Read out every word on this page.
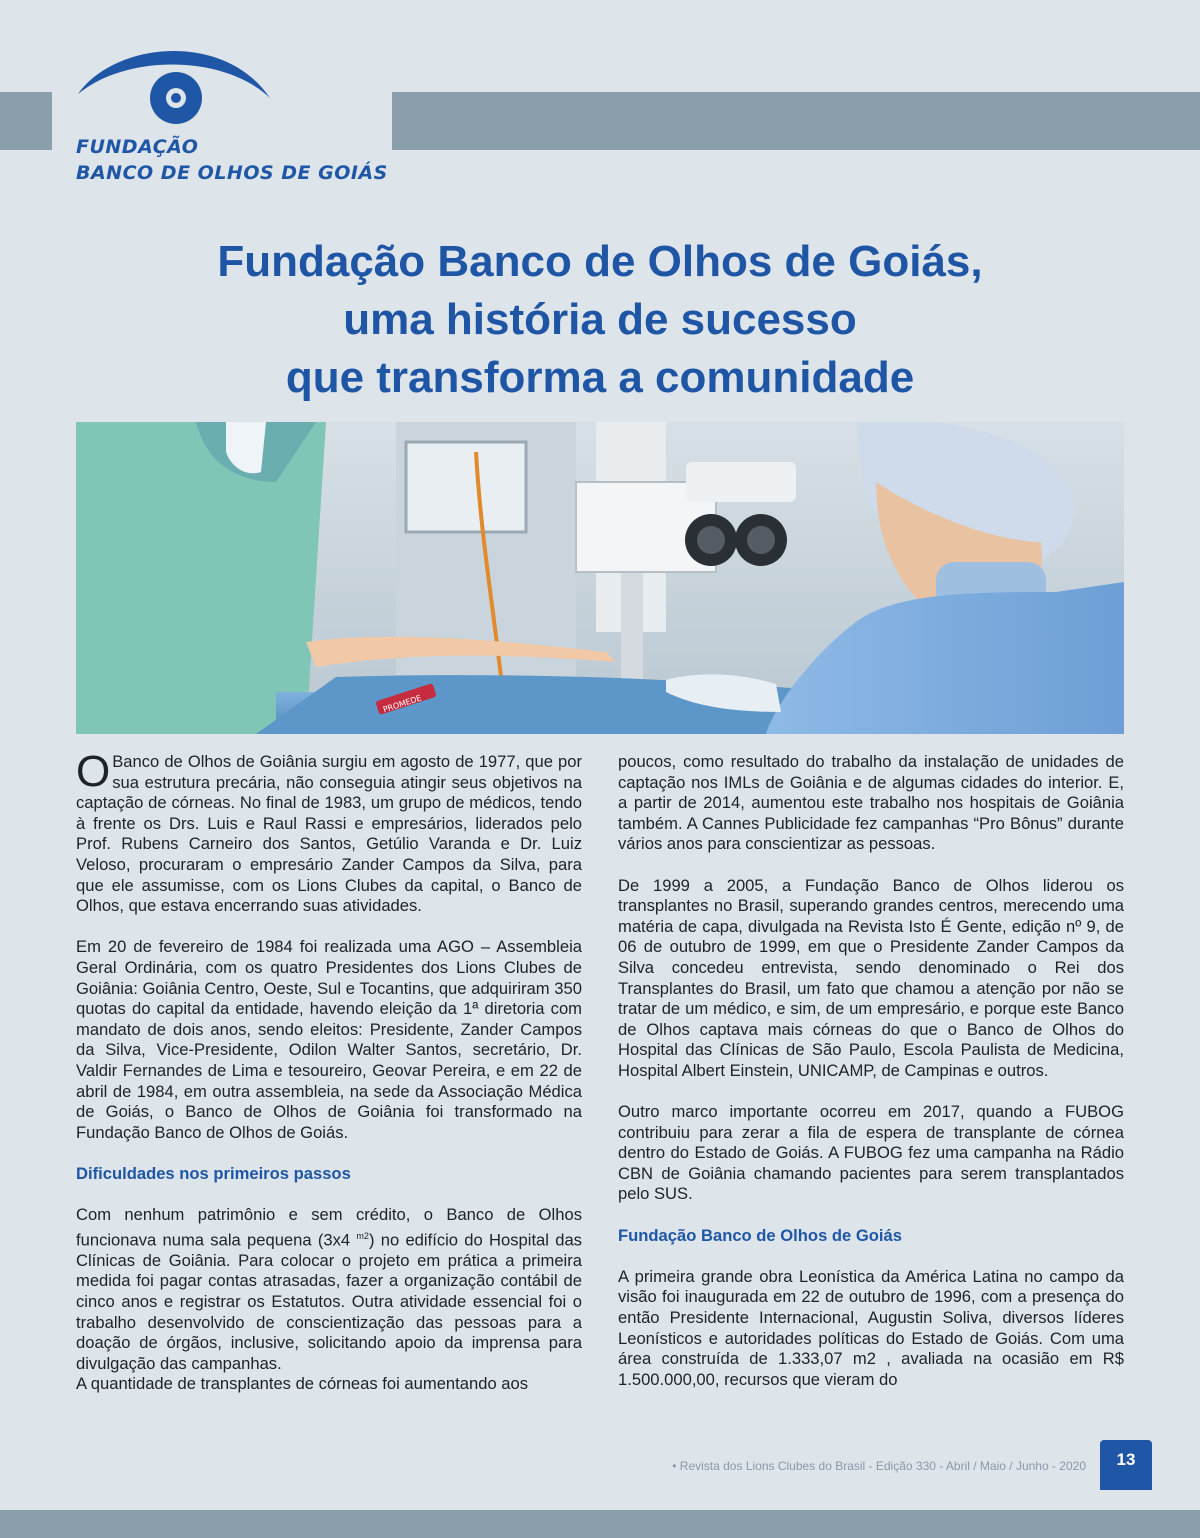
FUNDAÇÃO
BANCO DE OLHOS DE GOIÁS
Fundação Banco de Olhos de Goiás,
uma história de sucesso
que transforma a comunidade
PROMEDE

O Banco de Olhos de Goiânia surgiu em agosto de 1977, que por sua estrutura precária, não conseguia atingir seus objetivos na captação de córneas. No final de 1983, um grupo de médicos, tendo à frente os Drs. Luis e Raul Rassi e empresários, liderados pelo Prof. Rubens Carneiro dos Santos, Getúlio Varanda e Dr. Luiz Veloso, procuraram o empresário Zander Campos da Silva, para que ele assumisse, com os Lions Clubes da capital, o Banco de Olhos, que estava encerrando suas atividades.

Em 20 de fevereiro de 1984 foi realizada uma AGO – Assembleia Geral Ordinária, com os quatro Presidentes dos Lions Clubes de Goiânia: Goiânia Centro, Oeste, Sul e Tocantins, que adquiriram 350 quotas do capital da entidade, havendo eleição da 1ª diretoria com mandato de dois anos, sendo eleitos: Presidente, Zander Campos da Silva, Vice-Presidente, Odilon Walter Santos, secretário, Dr. Valdir Fernandes de Lima e tesoureiro, Geovar Pereira, e em 22 de abril de 1984, em outra assembleia, na sede da Associação Médica de Goiás, o Banco de Olhos de Goiânia foi transformado na Fundação Banco de Olhos de Goiás.

Dificuldades nos primeiros passos

Com nenhum patrimônio e sem crédito, o Banco de Olhos funcionava numa sala pequena (3x4 $^{m2}$) no edifício do Hospital das Clínicas de Goiânia. Para colocar o projeto em prática a primeira medida foi pagar contas atrasadas, fazer a organização contábil de cinco anos e registrar os Estatutos. Outra atividade essencial foi o trabalho desenvolvido de conscientização das pessoas para a doação de órgãos, inclusive, solicitando apoio da imprensa para divulgação das campanhas.

A quantidade de transplantes de córneas foi aumentando aos

poucos, como resultado do trabalho da instalação de unidades de captação nos IMLs de Goiânia e de algumas cidades do interior. E, a partir de 2014, aumentou este trabalho nos hospitais de Goiânia também. A Cannes Publicidade fez campanhas “Pro Bônus” durante vários anos para conscientizar as pessoas.

De 1999 a 2005, a Fundação Banco de Olhos liderou os transplantes no Brasil, superando grandes centros, merecendo uma matéria de capa, divulgada na Revista Isto É Gente, edição nº 9, de 06 de outubro de 1999, em que o Presidente Zander Campos da Silva concedeu entrevista, sendo denominado o Rei dos Transplantes do Brasil, um fato que chamou a atenção por não se tratar de um médico, e sim, de um empresário, e porque este Banco de Olhos captava mais córneas do que o Banco de Olhos do Hospital das Clínicas de São Paulo, Escola Paulista de Medicina, Hospital Albert Einstein, UNICAMP, de Campinas e outros.

Outro marco importante ocorreu em 2017, quando a FUBOG contribuiu para zerar a fila de espera de transplante de córnea dentro do Estado de Goiás. A FUBOG fez uma campanha na Rádio CBN de Goiânia chamando pacientes para serem transplantados pelo SUS.

Fundação Banco de Olhos de Goiás

A primeira grande obra Leonística da América Latina no campo da visão foi inaugurada em 22 de outubro de 1996, com a presença do então Presidente Internacional, Augustin Soliva, diversos líderes Leonísticos e autoridades políticas do Estado de Goiás. Com uma área construída de 1.333,07 m2 , avaliada na ocasião em R$ 1.500.000,00, recursos que vieram do

• Revista dos Lions Clubes do Brasil - Edição 330 - Abril / Maio / Junho - 2020	13
